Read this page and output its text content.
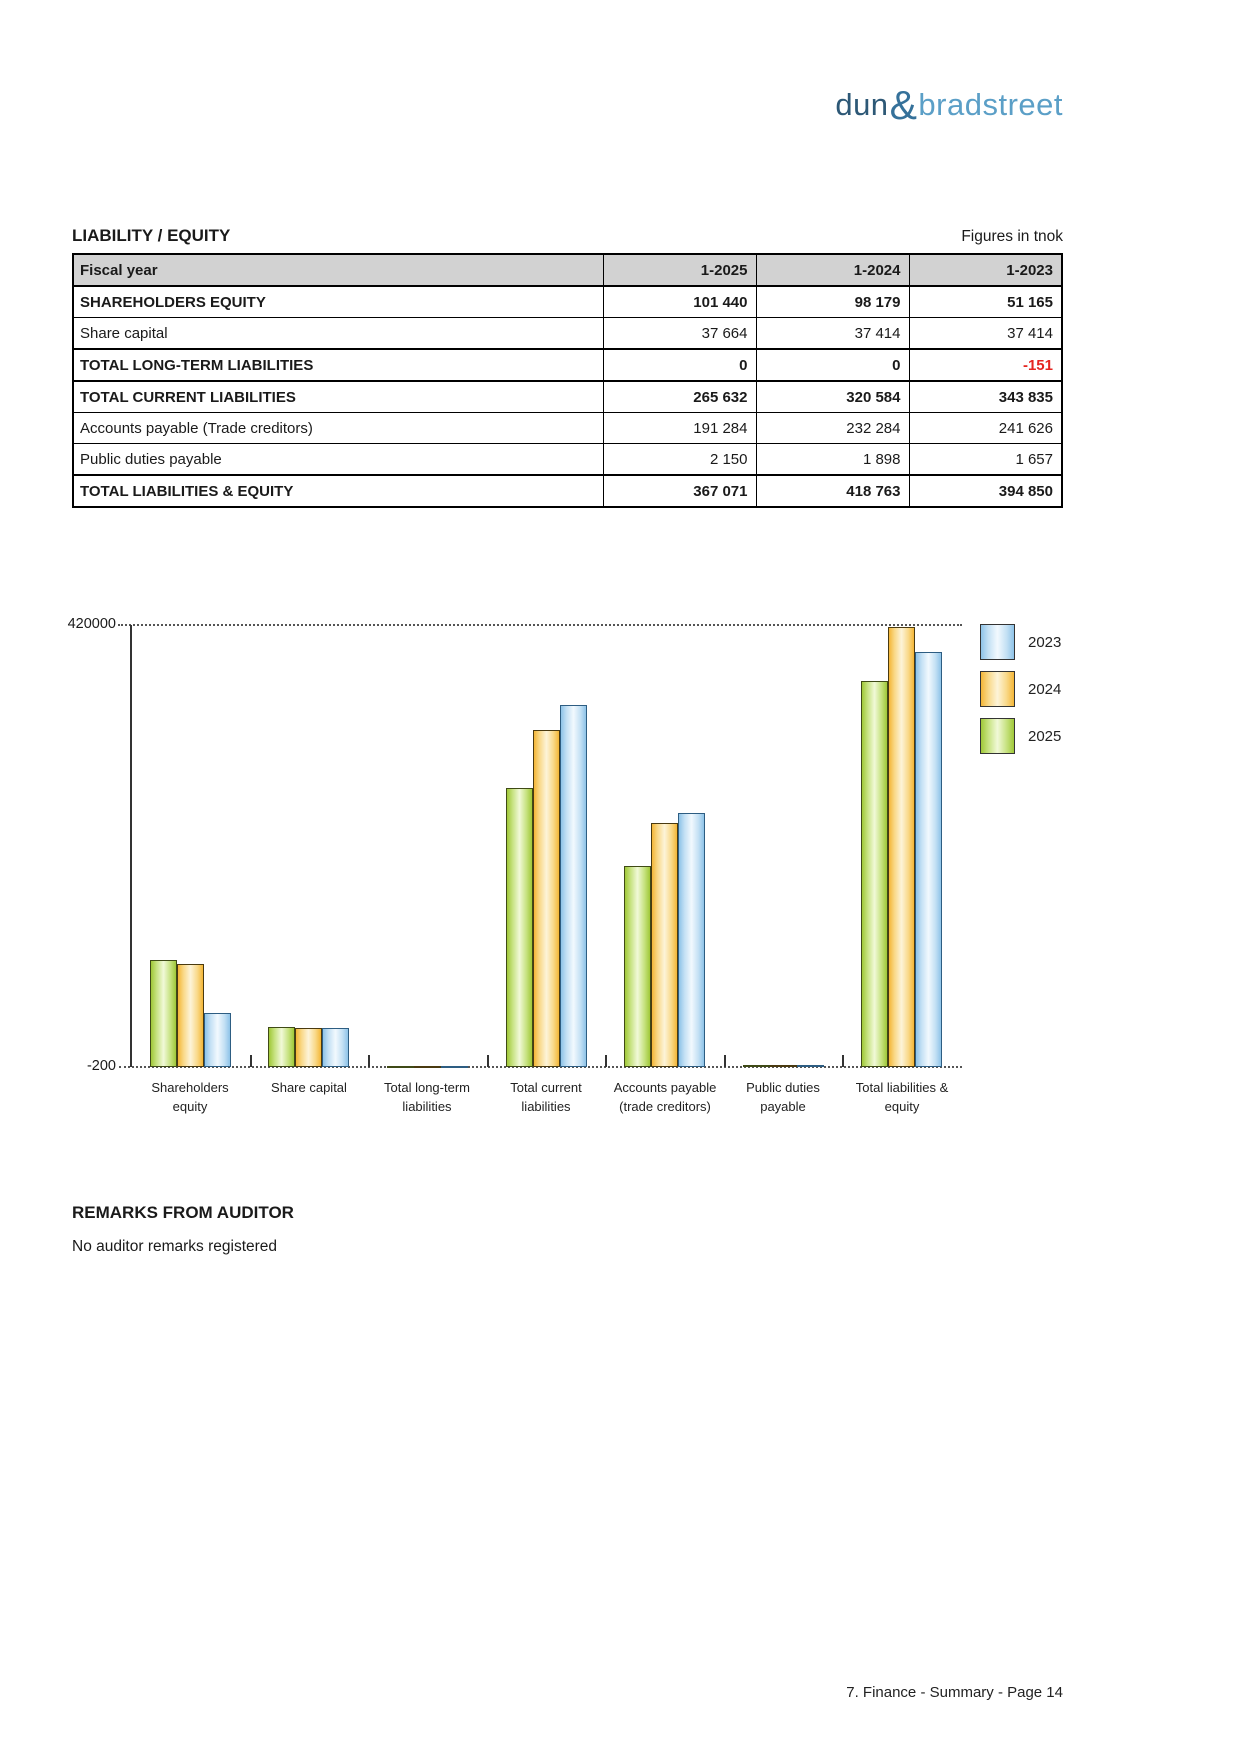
dun&bradstreet
LIABILITY / EQUITY	Figures in tnok
Fiscal year	1-2025	1-2024	1-2023
SHAREHOLDERS EQUITY	101 440	98 179	51 165
Share capital	37 664	37 414	37 414
TOTAL LONG-TERM LIABILITIES	0	0	-151
TOTAL CURRENT LIABILITIES	265 632	320 584	343 835
Accounts payable (Trade creditors)	191 284	232 284	241 626
Public duties payable	2 150	1 898	1 657
TOTAL LIABILITIES & EQUITY	367 071	418 763	394 850
420000
-200
Shareholders
equity
Share capital	Total long-term
liabilities
Total current
liabilities
Accounts payable
(trade creditors)
Public duties
payable
Total liabilities &
equity
2023
2024
2025
REMARKS FROM AUDITOR
No auditor remarks registered
7. Finance - Summary - Page 14
